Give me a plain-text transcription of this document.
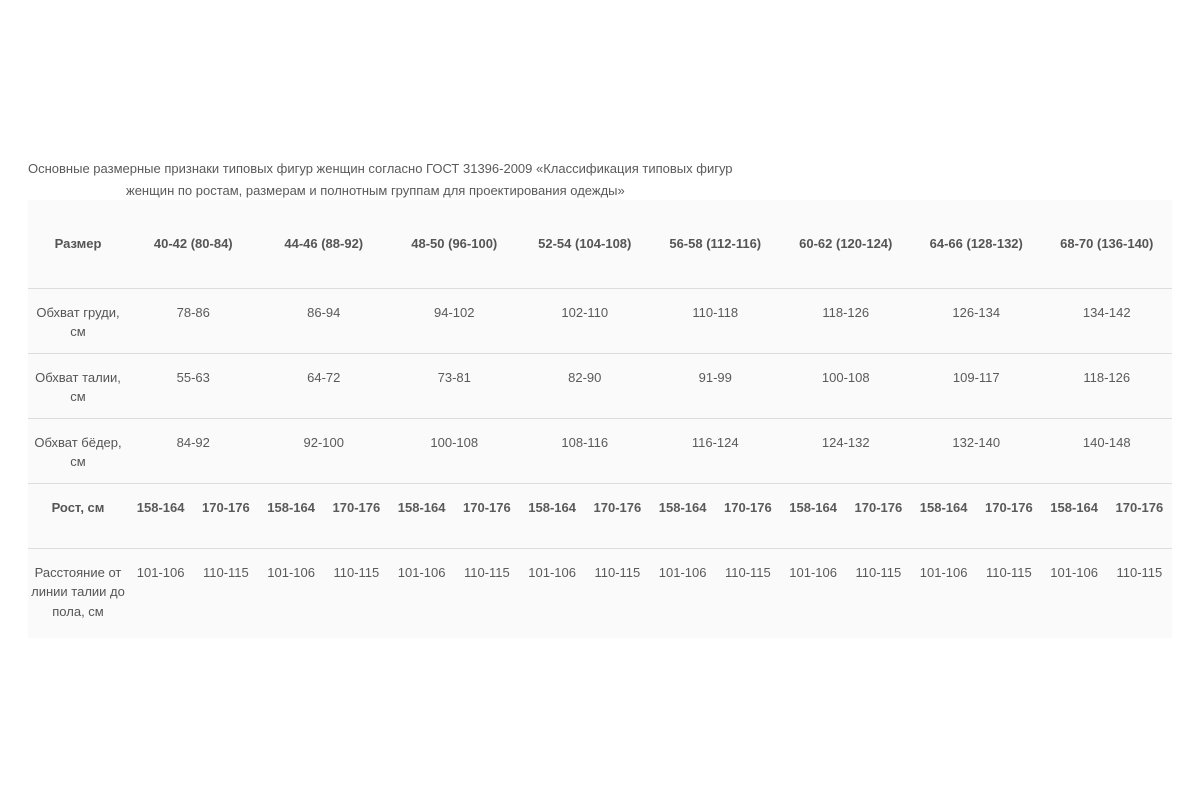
Основные размерные признаки типовых фигур женщин согласно ГОСТ 31396-2009 «Классификация типовых фигур
женщин по ростам, размерам и полнотным группам для проектирования одежды»
Размер	40-42 (80-84)		44-46 (88-92)		48-50 (96-100)		52-54 (104-108)		56-58 (112-116)		60-62 (120-124)		64-66 (128-132)		68-70 (136-140)	
Обхват груди, см	78-86		86-94		94-102		102-110		110-118		118-126		126-134		134-142	
Обхват талии, см	55-63		64-72		73-81		82-90		91-99		100-108		109-117		118-126	
Обхват бёдер, см	84-92		92-100		100-108		108-116		116-124		124-132		132-140		140-148	
Рост, см	158-164	170-176	158-164	170-176	158-164	170-176	158-164	170-176	158-164	170-176	158-164	170-176	158-164	170-176	158-164	170-176
Расстояние от линии талии до пола, см	101-106	110-115	101-106	110-115	101-106	110-115	101-106	110-115	101-106	110-115	101-106	110-115	101-106	110-115	101-106	110-115
